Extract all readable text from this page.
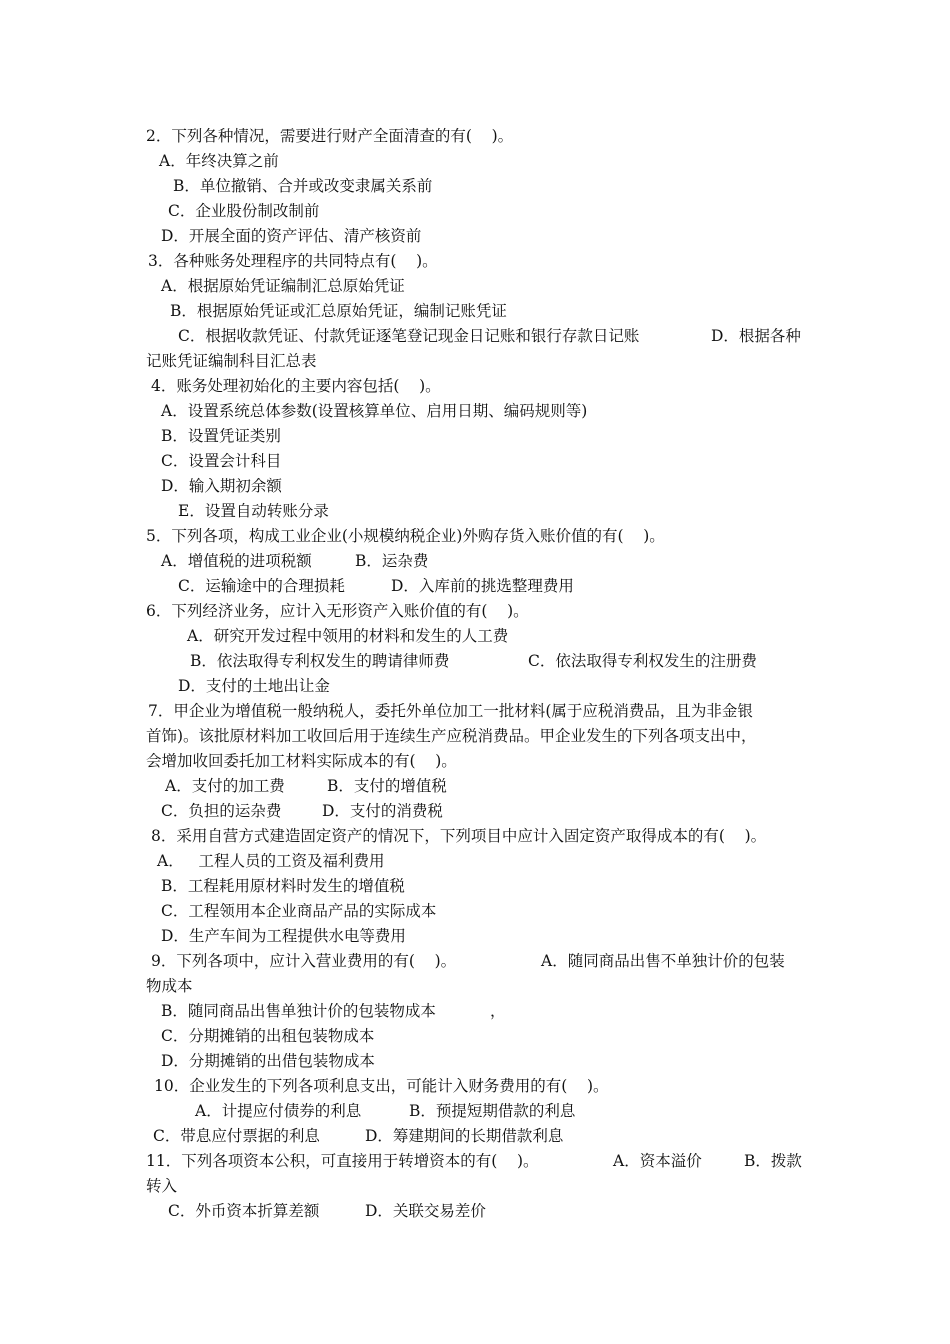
2．下列各种情况，需要进行财产全面清查的有(    )。
A．年终决算之前
B．单位撤销、合并或改变隶属关系前
C．企业股份制改制前
D．开展全面的资产评估、清产核资前
3．各种账务处理程序的共同特点有(    )。
A．根据原始凭证编制汇总原始凭证
B．根据原始凭证或汇总原始凭证，编制记账凭证
C．根据收款凭证、付款凭证逐笔登记现金日记账和银行存款日记账	D．根据各种
记账凭证编制科目汇总表
4．账务处理初始化的主要内容包括(    )。
A．设置系统总体参数(设置核算单位、启用日期、编码规则等)
B．设置凭证类别
C．设置会计科目
D．输入期初余额
E．设置自动转账分录
5．下列各项，构成工业企业(小规模纳税企业)外购存货入账价值的有(    )。
A．增值税的进项税额	B．运杂费
C．运输途中的合理损耗	D．入库前的挑选整理费用
6．下列经济业务，应计入无形资产入账价值的有(    )。
A．研究开发过程中领用的材料和发生的人工费
B．依法取得专利权发生的聘请律师费	C．依法取得专利权发生的注册费
D．支付的土地出让金
7．甲企业为增值税一般纳税人，委托外单位加工一批材料(属于应税消费品，且为非金银
首饰)。该批原材料加工收回后用于连续生产应税消费品。甲企业发生的下列各项支出中，
会增加收回委托加工材料实际成本的有(    )。
A．支付的加工费	B．支付的增值税
C．负担的运杂费	D．支付的消费税
8．采用自营方式建造固定资产的情况下，下列项目中应计入固定资产取得成本的有(    )。
A．   工程人员的工资及福利费用
B．工程耗用原材料时发生的增值税
C．工程领用本企业商品产品的实际成本
D．生产车间为工程提供水电等费用
9．下列各项中，应计入营业费用的有(    )。	A．随同商品出售不单独计价的包装
物成本
B．随同商品出售单独计价的包装物成本	，
C．分期摊销的出租包装物成本
D．分期摊销的出借包装物成本
10．企业发生的下列各项利息支出，可能计入财务费用的有(    )。
A．计提应付债券的利息	B．预提短期借款的利息
C．带息应付票据的利息	D．筹建期间的长期借款利息
11．下列各项资本公积，可直接用于转增资本的有(    )。	A．资本溢价	B．拨款
转入
C．外币资本折算差额	D．关联交易差价
